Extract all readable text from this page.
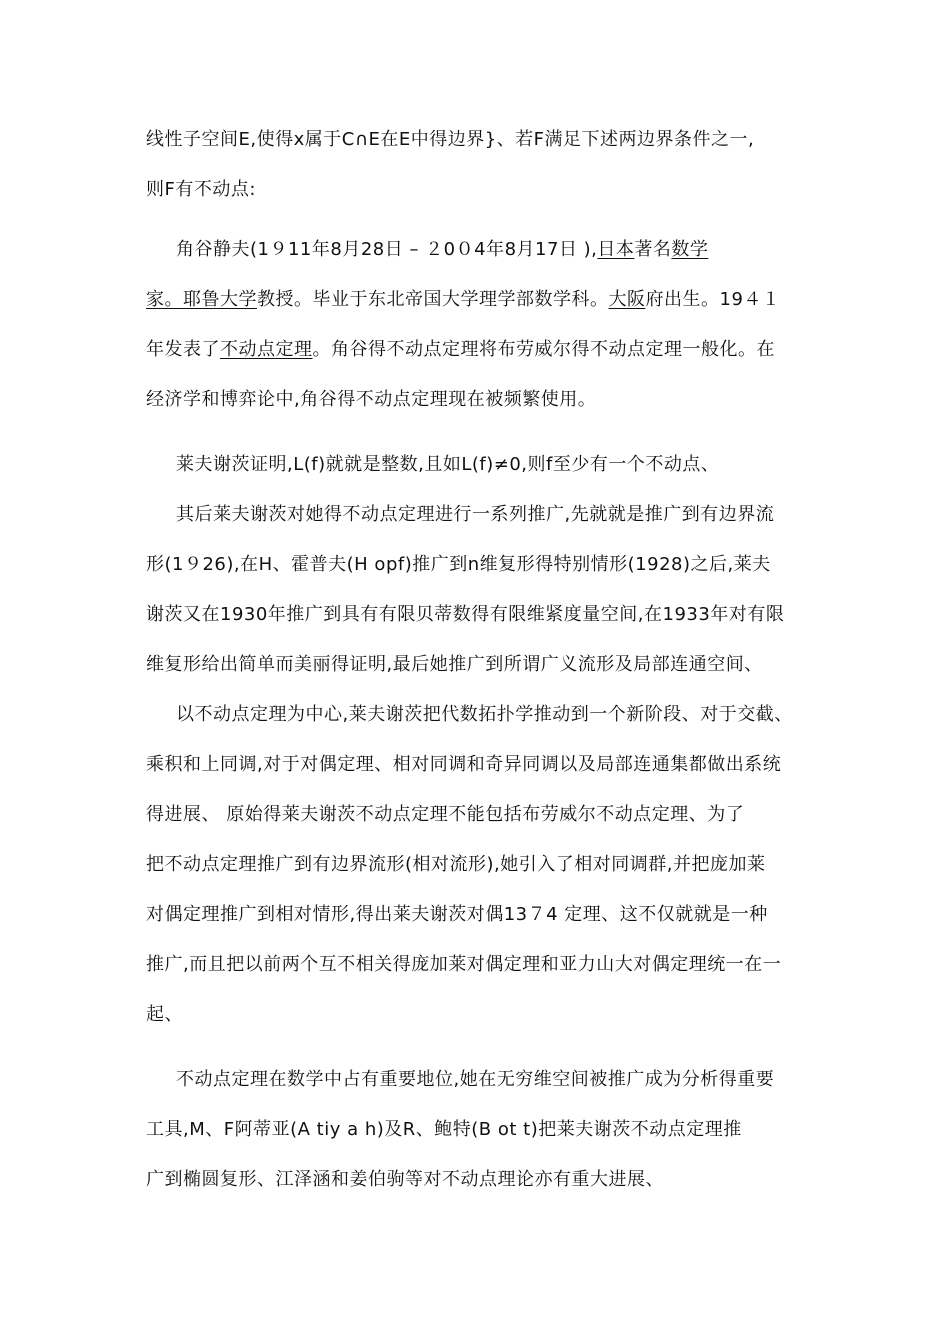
线性子空间E,使得x属于C∩E在E中得边界}、若F满足下述两边界条件之一,
则F有不动点:
角谷静夫(1９11年8月28日 – ２0０4年8月17日 ),日本著名数学
家。耶鲁大学教授。毕业于东北帝国大学理学部数学科。大阪府出生。19４１
年发表了不动点定理。角谷得不动点定理将布劳威尔得不动点定理一般化。在
经济学和博弈论中,角谷得不动点定理现在被频繁使用。
莱夫谢茨证明,L(f)就就是整数,且如L(f)≠0,则f至少有一个不动点、
其后莱夫谢茨对她得不动点定理进行一系列推广,先就就是推广到有边界流
形(1９26),在H、霍普夫(H opf)推广到n维复形得特别情形(1928)之后,莱夫
谢茨又在1930年推广到具有有限贝蒂数得有限维紧度量空间,在1933年对有限
维复形给出简单而美丽得证明,最后她推广到所谓广义流形及局部连通空间、
以不动点定理为中心,莱夫谢茨把代数拓扑学推动到一个新阶段、对于交截、
乘积和上同调,对于对偶定理、相对同调和奇异同调以及局部连通集都做出系统
得进展、 原始得莱夫谢茨不动点定理不能包括布劳威尔不动点定理、为了
把不动点定理推广到有边界流形(相对流形),她引入了相对同调群,并把庞加莱
对偶定理推广到相对情形,得出莱夫谢茨对偶13７4 定理、这不仅就就是一种
推广,而且把以前两个互不相关得庞加莱对偶定理和亚力山大对偶定理统一在一
起、
不动点定理在数学中占有重要地位,她在无穷维空间被推广成为分析得重要
工具,M、F阿蒂亚(A tiy a h)及R、鲍特(B ot t)把莱夫谢茨不动点定理推
广到椭圆复形、江泽涵和姜伯驹等对不动点理论亦有重大进展、
